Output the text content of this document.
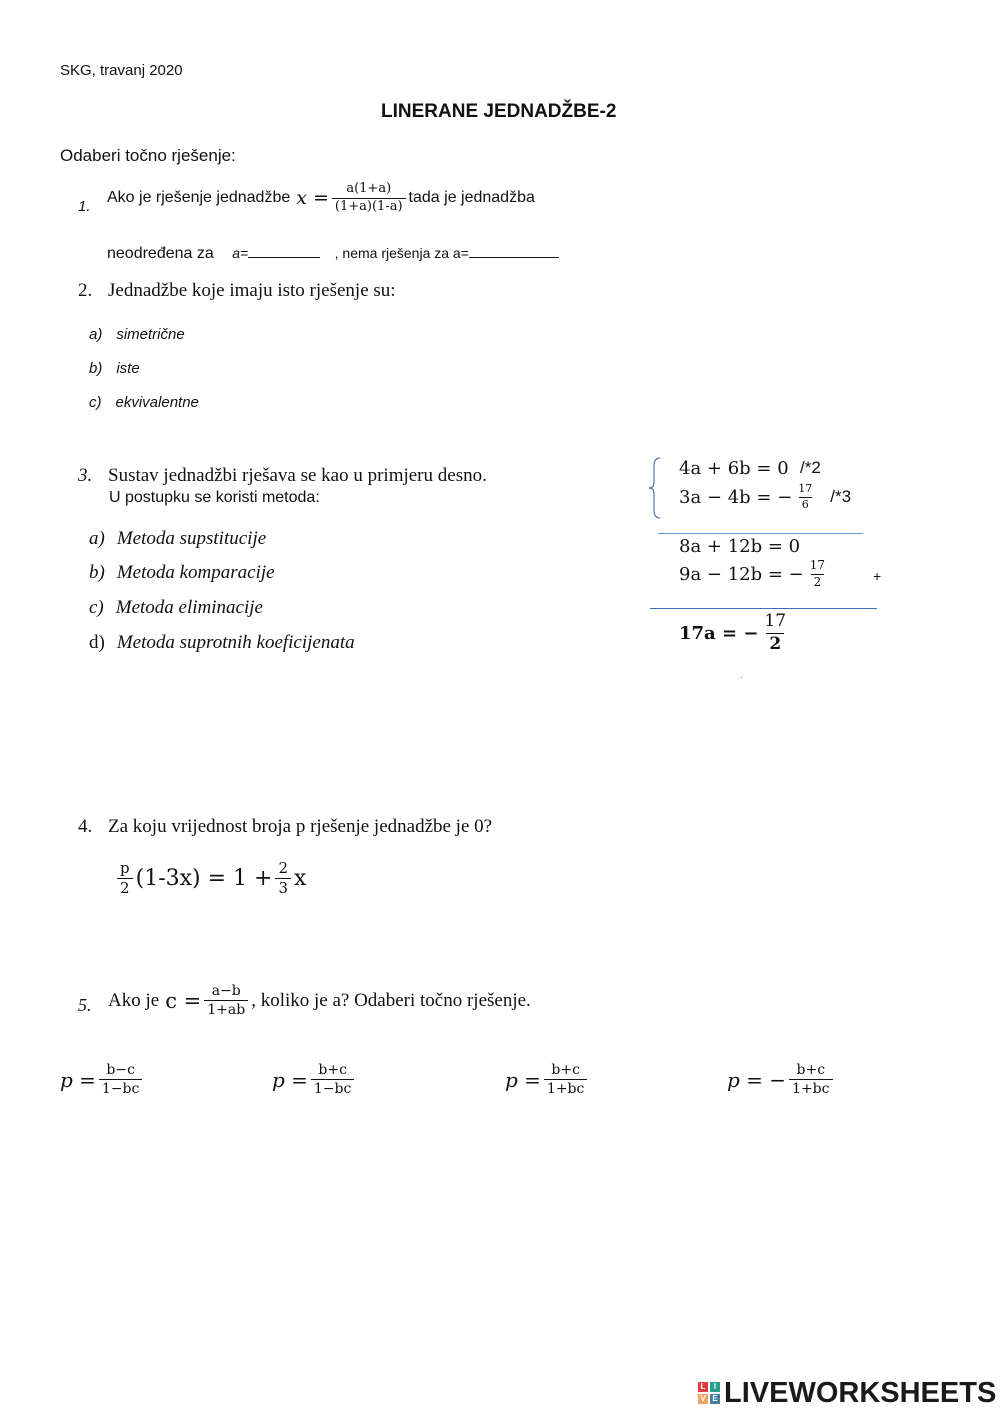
SKG, travanj 2020
LINERANE JEDNADŽBE-2
Odaberi točno rješenje:
1.
Ako je rješenje jednadžbe $x = \frac{a(1+a)}{(1+a)(1-a)}$ tada je jednadžba
neodređena za a=	, nema rješenja za a=
2. Jednadžbe koje imaju isto rješenje su:
a) simetrične
b) iste
c) ekvivalentne
3. Sustav jednadžbi rješava se kao u primjeru desno.
U postupku se koristi metoda:
a) Metoda supstitucije
b) Metoda komparacije
c) Metoda eliminacije
d) Metoda suprotnih koeficijenata
4a + 6b = 0 /*2
3a − 4b = − $\frac{17}{6} /*3$
8a + 12b = 0
9a − 12b = − $\frac{17}{2}$	+
17a = − $\frac{17}{2}$
.
4. Za koju vrijednost broja p rješenje jednadžbe je 0?
$\frac{p}{2} (1-3x) = 1 + \frac{2}{3}$ x
5. Ako je $c = \frac{a-b}{1+ab}$ , koliko je a? Odaberi točno rješenje.
$p = \frac{b-c}{1-bc}$	$p = \frac{b+c}{1-bc}$	$p = \frac{b+c}{1+bc}$	p = − $\frac{b+c}{1+bc}$
L	I
V E LIVEWORKSHEETS
